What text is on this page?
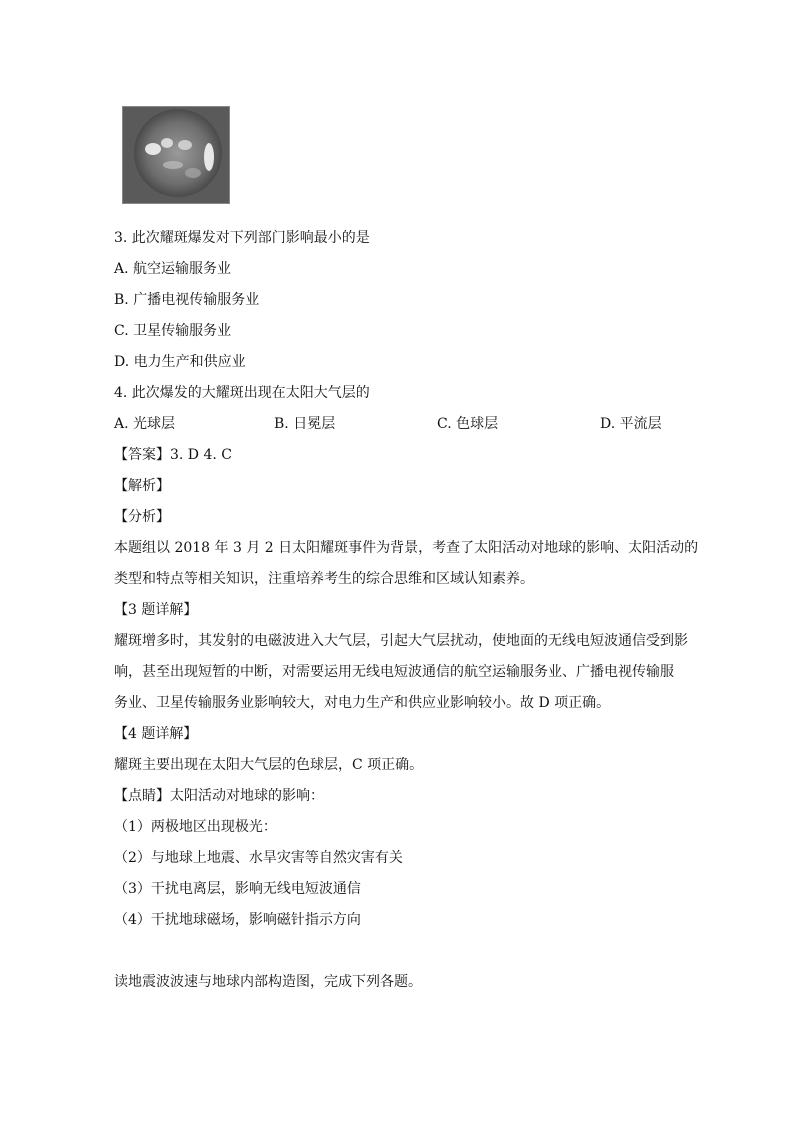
3. 此次耀斑爆发对下列部门影响最小的是
A. 航空运输服务业
B. 广播电视传输服务业
C. 卫星传输服务业
D. 电力生产和供应业
4. 此次爆发的大耀斑出现在太阳大气层的
A. 光球层	B. 日冕层	C. 色球层	D. 平流层
【答案】3. D 4. C
【解析】
【分析】
本题组以 2018 年 3 月 2 日太阳耀斑事件为背景，考查了太阳活动对地球的影响、太阳活动的
类型和特点等相关知识，注重培养考生的综合思维和区域认知素养。
【3 题详解】
耀斑增多时，其发射的电磁波进入大气层，引起大气层扰动，使地面的无线电短波通信受到影
响，甚至出现短暂的中断，对需要运用无线电短波通信的航空运输服务业、广播电视传输服
务业、卫星传输服务业影响较大，对电力生产和供应业影响较小。故 D 项正确。
【4 题详解】
耀斑主要出现在太阳大气层的色球层，C 项正确。
【点睛】太阳活动对地球的影响：
（1）两极地区出现极光：
（2）与地球上地震、水旱灾害等自然灾害有关
（3）干扰电离层，影响无线电短波通信
（4）干扰地球磁场，影响磁针指示方向
读地震波波速与地球内部构造图，完成下列各题。
